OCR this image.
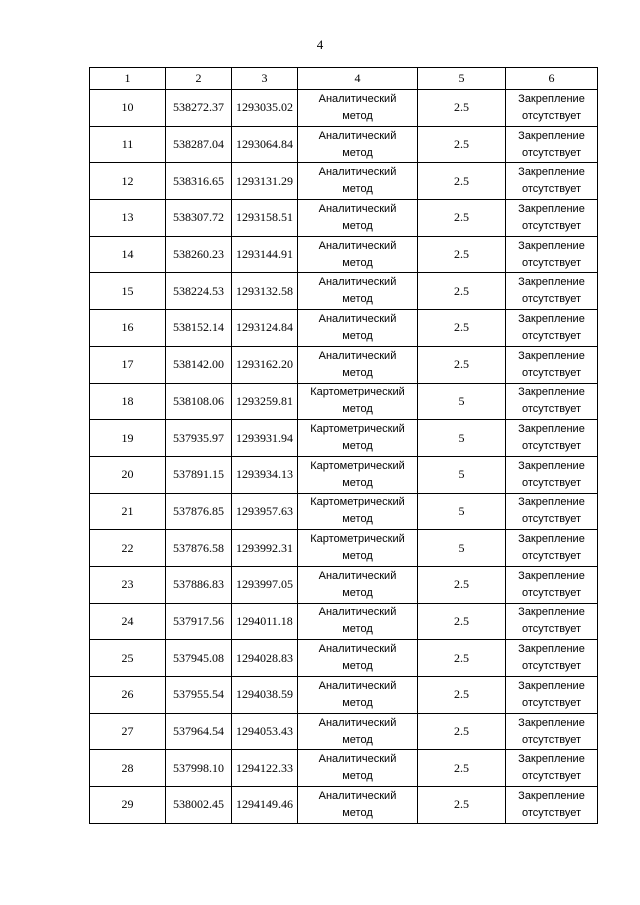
4
1	2	3	4	5	6
10	538272.37	1293035.02	Аналитический
метод	2.5	Закрепление
отсутствует

11	538287.04	1293064.84	Аналитический
метод	2.5	Закрепление
отсутствует

12	538316.65	1293131.29	Аналитический
метод	2.5	Закрепление
отсутствует

13	538307.72	1293158.51	Аналитический
метод	2.5	Закрепление
отсутствует

14	538260.23	1293144.91	Аналитический
метод	2.5	Закрепление
отсутствует

15	538224.53	1293132.58	Аналитический
метод	2.5	Закрепление
отсутствует

16	538152.14	1293124.84	Аналитический
метод	2.5	Закрепление
отсутствует

17	538142.00	1293162.20	Аналитический
метод	2.5	Закрепление
отсутствует

18	538108.06	1293259.81	Картометрический
метод	5	Закрепление
отсутствует

19	537935.97	1293931.94	Картометрический
метод	5	Закрепление
отсутствует

20	537891.15	1293934.13	Картометрический
метод	5	Закрепление
отсутствует

21	537876.85	1293957.63	Картометрический
метод	5	Закрепление
отсутствует

22	537876.58	1293992.31	Картометрический
метод	5	Закрепление
отсутствует

23	537886.83	1293997.05	Аналитический
метод	2.5	Закрепление
отсутствует

24	537917.56	1294011.18	Аналитический
метод	2.5	Закрепление
отсутствует

25	537945.08	1294028.83	Аналитический
метод	2.5	Закрепление
отсутствует

26	537955.54	1294038.59	Аналитический
метод	2.5	Закрепление
отсутствует

27	537964.54	1294053.43	Аналитический
метод	2.5	Закрепление
отсутствует

28	537998.10	1294122.33	Аналитический
метод	2.5	Закрепление
отсутствует

29	538002.45	1294149.46	Аналитический
метод	2.5	Закрепление
отсутствует
